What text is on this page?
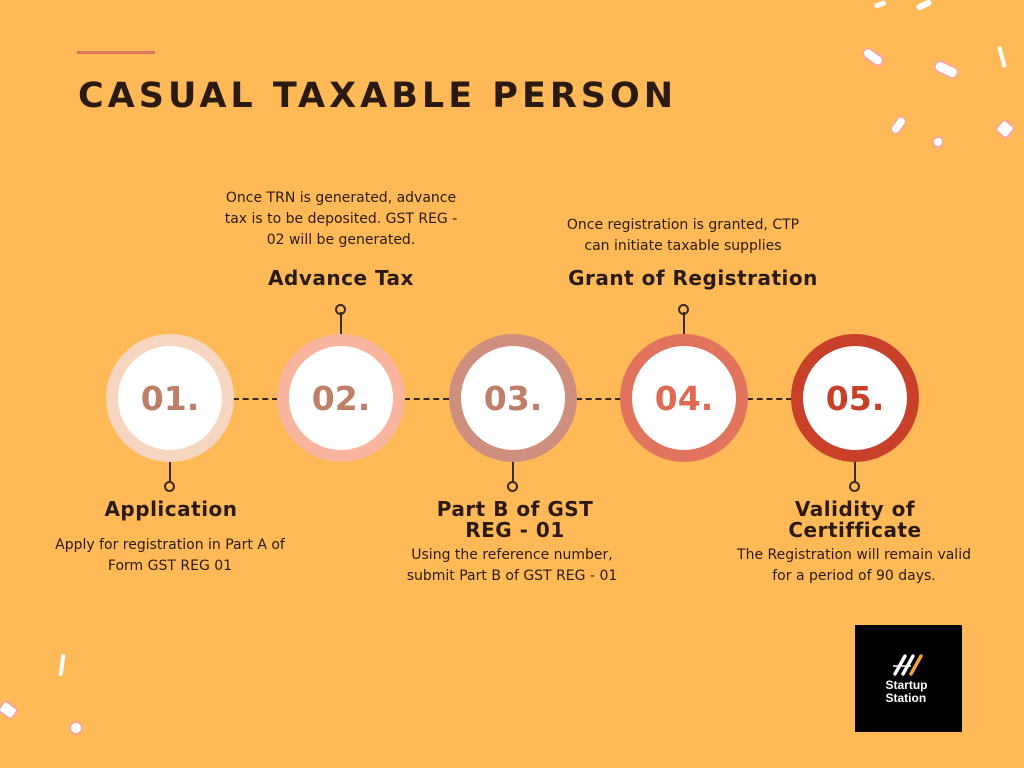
CASUAL TAXABLE PERSON
01.

Application

Apply for registration in Part A of Form GST REG 01

02.

Once TRN is generated, advance tax is to be deposited. GST REG - 02 will be generated.

Advance Tax

03.

Part B of GST REG - 01

Using the reference number, submit Part B of GST REG - 01

04.

Once registration is granted, CTP can initiate taxable supplies

Grant of Registration

05.

Validity of Certifficate

The Registration will remain valid for a period of 90 days.

Startup
Station
